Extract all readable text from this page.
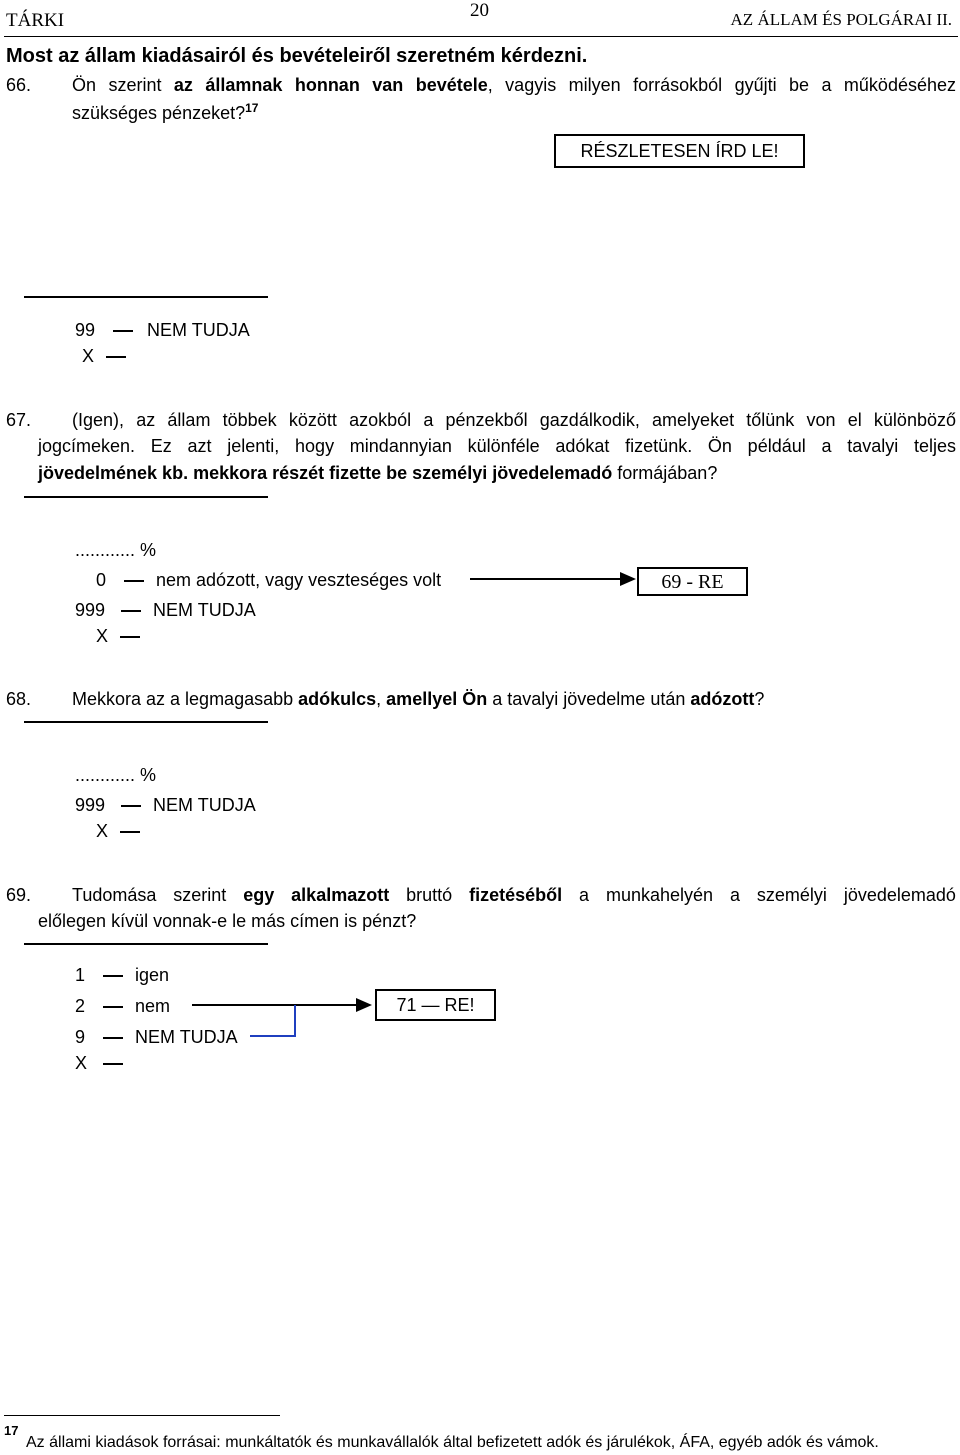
TÁRKI	20	AZ ÁLLAM ÉS POLGÁRAI II.
Most az állam kiadásairól és bevételeiről szeretném kérdezni.
66. Ön szerint az államnak honnan van bevétele, vagyis milyen forrásokból gyűjti be a működéséhez
szükséges pénzeket?$^{17}$
RÉSZLETESEN ÍRD LE!
99	NEM TUDJA
X
67. (Igen), az állam többek között azokból a pénzekből gazdálkodik, amelyeket tőlünk von el különböző
jogcímeken. Ez azt jelenti, hogy mindannyian különféle adókat fizetünk. Ön például a tavalyi teljes
jövedelmének kb. mekkora részét fizette be személyi jövedelemadó formájában?
............ %
0	nem adózott, vagy veszteséges volt
999	NEM TUDJA
X
69 - RE
68. Mekkora az a legmagasabb adókulcs, amellyel Ön a tavalyi jövedelme után adózott?
............ %
999	NEM TUDJA
X
69. Tudomása szerint egy alkalmazott bruttó fizetéséből a munkahelyén a személyi jövedelemadó
előlegen kívül vonnak-e le más címen is pénzt?
1	igen
2	nem
9	NEM TUDJA
X
71 — RE!
17
Az állami kiadások forrásai: munkáltatók és munkavállalók által befizetett adók és járulékok, ÁFA, egyéb adók és vámok.
